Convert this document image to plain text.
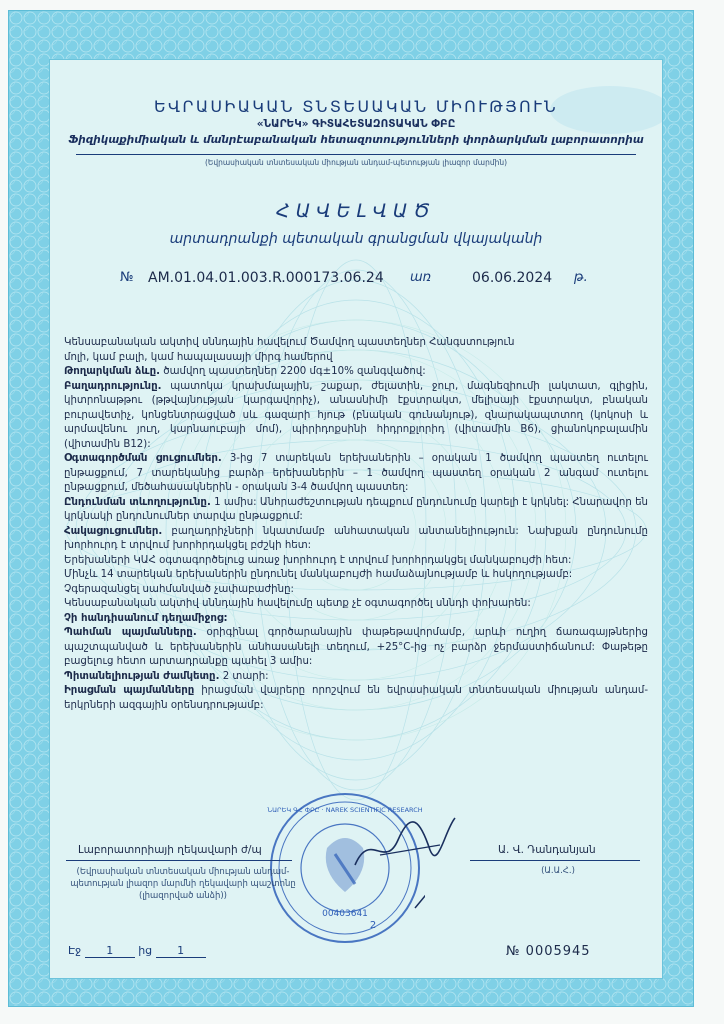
ԵՎՐԱՍԻԱԿԱՆ ՏՆՏԵՍԱԿԱՆ ՄԻՈՒԹՅՈՒՆ
«ՆԱՐԵԿ» ԳԻՏԱՀԵՏԱԶՈՏԱԿԱՆ ՓԲԸ
Ֆիզիկաքիմիական և մանրէաբանական հետազոտությունների փորձարկման լաբորատորիա
(Եվրասիական տնտեսական միության անդամ-պետության լիազոր մարմին)
ՀԱՎԵԼՎԱԾ
արտադրանքի պետական գրանցման վկայականի
№ AM.01.04.01.003.R.000173.06.24 առ	06.06.2024 թ.

Կենսաբանական ակտիվ սննդային հավելում Ծամվող պաստեղներ Հանգստություն

մոլի, կամ բալի, կամ հապալասայի միրգ համերով

Թողարկման ձևը. ծամվող պաստեղներ 2200 մգ±10% զանգվածով:

Բաղադրությունը. պատոկա կրախմալային, շաքար, ժելատին, ջուր, մագնեզիումի լակտատ, գլիցին, կիտրոնաթթու (թթվայնության կարգավորիչ), անասնիմի էքստրակտ, մելիսայի էքստրակտ, բնական բուրավետիչ, կոնցենտրացված սև գազարի հյութ (բնական գունանյութ), զնարակապտտող (կոկոսի և արմավենու յուղ, կարնաուբայի մոմ), պիրիդոքսինի հիդրոքլորիդ (վիտամին B6), ցիանոկոբալամին (վիտամին B12):

Օգտագործման ցուցումներ. 3-ից 7 տարեկան երեխաներին – օրական 1 ծամվող պաստեղ ուտելու ընթացքում, 7 տարեկանից բարձր երեխաներին – 1 ծամվող պաստեղ օրական 2 անգամ ուտելու ընթացքում, մեծահասակներին - օրական 3-4 ծամվող պաստեղ:

Ընդունման տևողությունը. 1 ամիս: Անհրաժեշտության դեպքում ընդունումը կարելի է կրկնել: Հնարավոր են կրկնակի ընդունումներ տարվա ընթացքում:

Հակացուցումներ. բաղադրիչների նկատմամբ անհատական անտանելիություն: Նախքան ընդունումը խորհուրդ է տրվում խորհրդակցել բժշկի հետ:

Երեխաների ԿԱՀ օգտագործելուց առաջ խորհուրդ է տրվում խորհրդակցել մանկաբույժի հետ:

Մինչև 14 տարեկան երեխաներին ընդունել մանկաբույժի համաձայնությամբ և հսկողությամբ:

Չգերազանցել սահմանված չափաբաժինը:

Կենսաբանական ակտիվ սննդային հավելումը պետք չէ օգտագործել սննդի փոխարեն:

Չի հանդիսանում դեղամիջոց:

Պահման պայմանները. օրիգինալ գործարանային փաթեթավորմամբ, արևի ուղիղ ճառագայթներից պաշտպանված և երեխաներին անհասանելի տեղում, +25°C-ից ոչ բարձր ջերմաստիճանում: Փաթեթը բացելուց հետո արտադրանքը պահել 3 ամիս:

Պիտանելիության ժամկետը. 2 տարի:

Իրացման պայմանները իրացման վայրերը որոշվում են եվրասիական տնտեսական միության անդամ-երկրների ազգային օրենսդրությամբ:

00403641
2
ՆԱՐԵԿ ԳՀ ՓԲԸ · NAREK SCIENTIFIC RESEARCH
Լաբորատորիայի ղեկավարի ժ/պ	Ա. Վ. Դանդանյան
(Եվրասիական տնտեսական միության անդամ-պետության լիազոր մարմնի ղեկավարի պաշտոնը (լիազորված անձի))
(Ա.Ա.Հ.)
Էջ 1 ից 1	№ 0005945
